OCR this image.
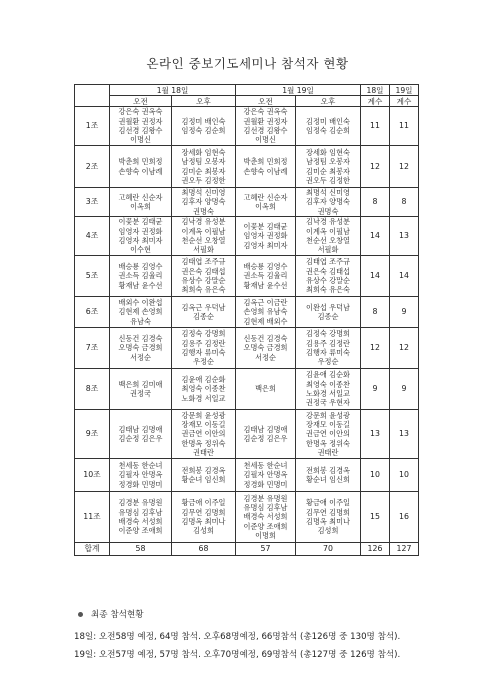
온라인 중보기도세미나 참석자 현황
	1월 18일		1월 19일		18일	19일
	오전	오후	오전	오후	계수	계수
1조	강은숙 권옥숙
권월환 권정자
김선경 김왕수
이명신	김정미 배인숙
임정숙 김순희	강은숙 권옥숙
권월환 권정자
김선경 김왕수
이명신	김정미 배인숙
임정숙 김순희	11	11
2조	박춘희 민희정
손향숙 이남례	장세화 임현숙
남정팀 오봉자
김미순 최봉자
권오두 김정한	박춘희 민희정
손향숙 이남례	장세화 임현숙
남정팀 오봉자
김미순 최봉자
권오두 김정한	12	12
3조	고혜란 신순자
이옥희	최명석 신미영
김후자 양명숙
권명숙	고혜란 신순자
이옥희	최명석 신미영
김후자 양명숙
권명숙	8	8
4조	이꽃분 김태균
임영자 권정화
김영자 최미자
이수현	김낙경 유성분
이계옥 이필남
천순선 오창열
서필화	이꽃분 김태균
임영자 권정화
김영자 최미자	김낙경 유성분
이계옥 이필남
천순선 오창열
서필화	14	13
5조	배승룡 김영수
권소득 김율리
황재남 윤수선	김태엽 조주규
권은숙 김태섭
유상수 강말순
최희숙 유은숙	배승룡 김영수
권소득 김율리
황재남 윤수선	김태엽 조주규
권은숙 김태섭
유상수 강말순
최희숙 유은숙	14	14
6조	배외수 이완섭
김현제 손영희
유남숙	김옥근 우덕남
김종순	김옥근 이금란
손영희 유남숙
김현제 배외수	이완섭 우덕남
김종순	8	9
7조	신동건 김경숙
오명숙 금경희
서정순	김정숙 강명희
김용주 김정란
김행자 류미숙
우정순	신동건 김경숙
오명숙 금경희
서정순	김정숙 강명희
김용주 김정란
김행자 류미숙
우정순	12	12
8조	백은희 김미애
권정국	김윤애 김순화
최영숙 이종찬
노화경 서일교	백은희	김윤애 김순화
최영숙 이종찬
노화경 서일교
권정국 우현자	9	9
9조	김태남 김명애
김순정 김은우	강문희 윤성광
장재모 이동길
권금연 이안의
한명옥 정위숙
권태란	김태남 김명애
김순정 김은우	강문희 윤성광
장재모 이동길
권금연 이안의
한명옥 정위숙
권태란	13	13
10조	천세동 한순녀
김필자 안명옥
정경화 민명미	전희봉 김경옥
황순녀 임신희	천세동 한순녀
김필자 안명옥
정경화 민명미	전희봉 김경옥
황순녀 임신희	10	10
11조	김경분 유명원
유명심 김후남
배경숙 서성희
이준양 조애희	황금애 이주일
김무연 김명희
김명옥 최미나
김성희	김경분 유명원
유명심 김후남
배경숙 서성희
이준양 조애희
이명희	황금애 이주일
김무연 김명희
김명옥 최미나
김성희	15	16
합계	58	68	57	70	126	127
최종 참석현황
18일: 오전58명 예정, 64명 참석. 오후68명예정, 66명참석 (총126명 중 130명 참석).
19일: 오전57명 예정, 57명 참석. 오후70명예정, 69명참석 (총127명 중 126명 참석).
